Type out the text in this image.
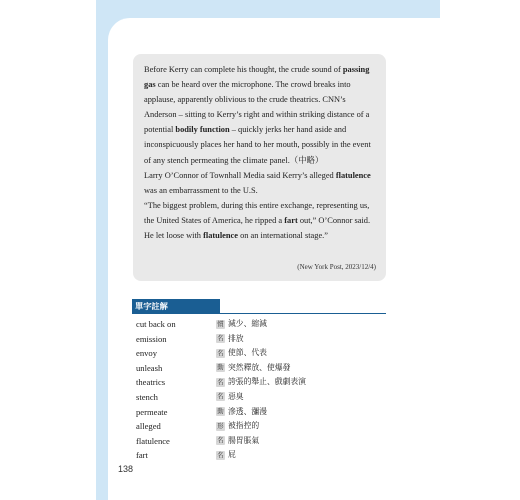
Before Kerry can complete his thought, the crude sound of passing gas can be heard over the microphone. The crowd breaks into applause, apparently oblivious to the crude theatrics. CNN’s Anderson – sitting to Kerry’s right and within striking distance of a potential bodily function – quickly jerks her hand aside and inconspicuously places her hand to her mouth, possibly in the event of any stench permeating the climate panel.（中略）

Larry O’Connor of Townhall Media said Kerry’s alleged flatulence was an embarrassment to the U.S.

“The biggest problem, during this entire exchange, representing us, the United States of America, he ripped a fart out,” O’Connor said. He let loose with flatulence on an international stage.”

(New York Post, 2023/12/4)
單字註解
cut back on	慣 減少、縮減
emission	名 排放
envoy	名 使節、代表
unleash	動 突然釋放、使爆發
theatrics	名 誇張的舉止、戲劇表演
stench	名 惡臭
permeate	動 滲透、瀰漫
alleged	形 被指控的
flatulence	名 腸胃脹氣
fart	名 屁
138
